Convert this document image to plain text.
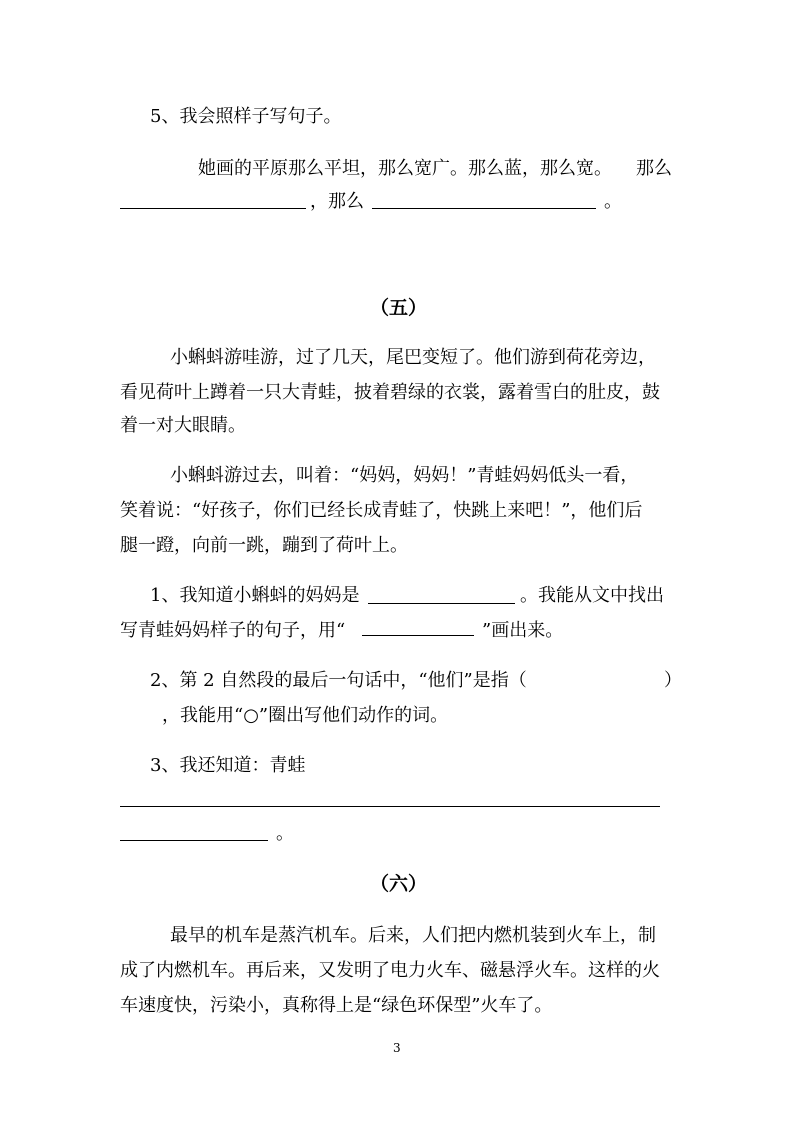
5、我会照样子写句子。
她画的平原那么平坦，那么宽广。那么蓝，那么宽。 那么
，那么	。
（五）
小蝌蚪游哇游，过了几天，尾巴变短了。他们游到荷花旁边，
看见荷叶上蹲着一只大青蛙，披着碧绿的衣裳，露着雪白的肚皮，鼓
着一对大眼睛。
小蝌蚪游过去，叫着：“妈妈，妈妈！”青蛙妈妈低头一看，
笑着说：“好孩子，你们已经长成青蛙了，快跳上来吧！”，他们后
腿一蹬，向前一跳，蹦到了荷叶上。
1、我知道小蝌蚪的妈妈是	。我能从文中找出
写青蛙妈妈样子的句子，用“	”画出来。
2、第 2 自然段的最后一句话中，“他们”是指（	）
，我能用“○”圈出写他们动作的词。
3、我还知道：青蛙
。
（六）
最早的机车是蒸汽机车。后来，人们把内燃机装到火车上，制
成了内燃机车。再后来，又发明了电力火车、磁悬浮火车。这样的火
车速度快，污染小，真称得上是“绿色环保型”火车了。
3
